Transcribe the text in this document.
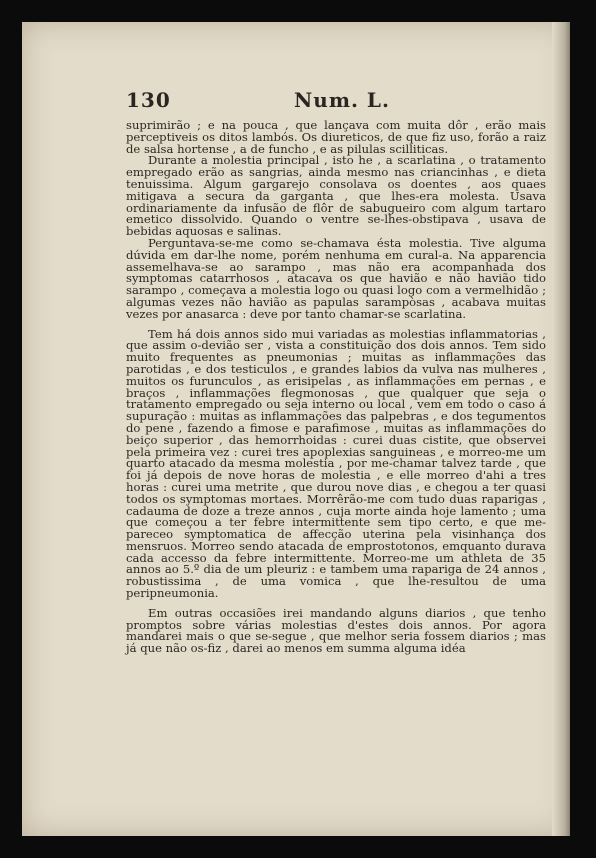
130	Num. L.

suprimirão ; e na pouca , que lançava com muita dôr , erão mais perceptiveis os ditos lambós. Os diureticos, de que fiz uso, forão a raiz de salsa hortense , a de funcho , e as pilulas scilliticas.

Durante a molestia principal , isto he , a scarlatina , o tratamento empregado erão as sangrias, ainda mesmo nas criancinhas , e dieta tenuissima. Algum gargarejo consolava os doentes , aos quaes mitigava a secura da garganta , que lhes-era molesta. Usava ordinariamente da infusão de flôr de sabugueiro com algum tartaro emetico dissolvido. Quando o ventre se-lhes-obstipava , usava de bebidas aquosas e salinas.

Perguntava-se-me como se-chamava ésta molestia. Tive alguma dúvida em dar-lhe nome, porém nenhuma em cural-a. Na apparencia assemelhava-se ao sarampo , mas não era acompanhada dos symptomas catarrhosos , atacava os que havião e não havião tido sarampo , começava a molestia logo ou quasi logo com a vermelhidão ; algumas vezes não havião as papulas sarampòsas , acabava muitas vezes por anasarca : deve por tanto chamar-se scarlatina.

Tem há dois annos sido mui variadas as molestias inflammatorias , que assim o-devião ser , vista a constituição dos dois annos. Tem sido muito frequentes as pneumonias ; muitas as inflammações das parotidas , e dos testiculos , e grandes labios da vulva nas mulheres , muitos os furunculos , as erisipelas , as inflammações em pernas , e braços , inflammações flegmonosas , que qualquer que seja o tratamento empregado ou seja interno ou local , vem em todo o caso á supuração : muitas as inflammações das palpebras , e dos tegumentos do pene , fazendo a fimose e parafimose , muitas as inflammações do beiço superior , das hemorrhoidas : curei duas cistite, que observei pela primeira vez : curei tres apoplexias sanguineas , e morreo-me um quarto atacado da mesma molestia , por me-chamar talvez tarde , que foi já depois de nove horas de molestia , e elle morreo d'ahi a tres horas : curei uma metrite , que durou nove dias , e chegou a ter quasi todos os symptomas mortaes. Morrêrão-me com tudo duas raparigas , cadauma de doze a treze annos , cuja morte ainda hoje lamento ; uma que começou a ter febre intermittente sem tipo certo, e que me-pareceo symptomatica de affecção uterina pela visinhança dos mensruos. Morreo sendo atacada de emprostotonos, emquanto durava cada accesso da febre intermittente. Morreo-me um athleta de 35 annos ao 5.º dia de um pleuriz : e tambem uma rapariga de 24 annos , robustissima , de uma vomica , que lhe-resultou de uma peripneumonia.

Em outras occasiões irei mandando alguns diarios , que tenho promptos sobre várias molestias d'estes dois annos. Por agora mandarei mais o que se-segue , que melhor seria fossem diarios ; mas já que não os-fiz , darei ao menos em summa alguma idéa
